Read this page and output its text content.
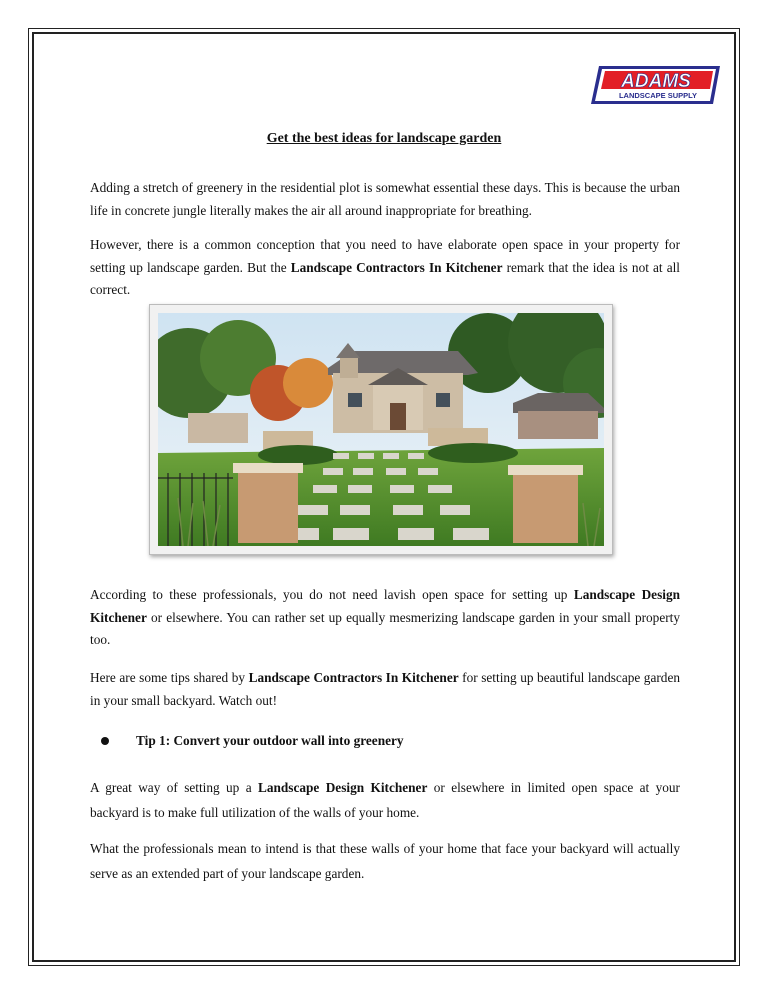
ADAMS
LANDSCAPE SUPPLY
Get the best ideas for landscape garden

Adding a stretch of greenery in the residential plot is somewhat essential these days. This is because the urban life in concrete jungle literally makes the air all around inappropriate for breathing.

However, there is a common conception that you need to have elaborate open space in your property for setting up landscape garden. But the Landscape Contractors In Kitchener remark that the idea is not at all correct.

According to these professionals, you do not need lavish open space for setting up Landscape Design Kitchener or elsewhere. You can rather set up equally mesmerizing landscape garden in your small property too.

Here are some tips shared by Landscape Contractors In Kitchener for setting up beautiful landscape garden in your small backyard. Watch out!

Tip 1: Convert your outdoor wall into greenery

A great way of setting up a Landscape Design Kitchener or elsewhere in limited open space at your backyard is to make full utilization of the walls of your home.

What the professionals mean to intend is that these walls of your home that face your backyard will actually serve as an extended part of your landscape garden.
